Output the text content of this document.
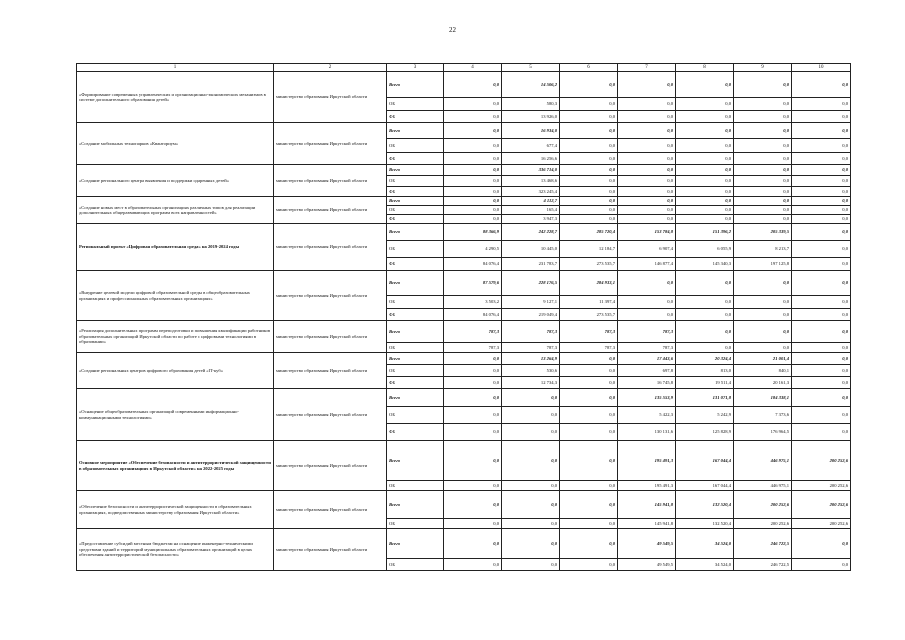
22
1	2	3	4	5	6	7	8	9	10
«Формирование современных управленческих и организационно-экономических механизмов в системе дополнительного образования детей»	министерство образования Иркутской области	Всего	0,0	14 506,2	0,0	0,0	0,0	0,0	0,0
		ОБ	0,0	580,3	0,0	0,0	0,0	0,0	0,0
		ФБ	0,0	13 926,0	0,0	0,0	0,0	0,0	0,0
«Создание мобильных технопарков «Кванториум»	министерство образования Иркутской области	Всего	0,0	16 934,0	0,0	0,0	0,0	0,0	0,0
		ОБ	0,0	677,4	0,0	0,0	0,0	0,0	0,0
		ФБ	0,0	16 256,6	0,0	0,0	0,0	0,0	0,0
«Создание регионального центра выявления и поддержки одаренных детей»	министерство образования Иркутской области	Всего	0,0	336 714,0	0,0	0,0	0,0	0,0	0,0
		ОБ	0,0	13 468,6	0,0	0,0	0,0	0,0	0,0
		ФБ	0,0	323 245,4	0,0	0,0	0,0	0,0	0,0
«Создание новых мест в образовательных организациях различных типов для реализации дополнительных общеразвивающих программ всех направленностей»	министерство образования Иркутской области	Всего	0,0	4 112,7	0,0	0,0	0,0	0,0	0,0
		ОБ	0,0	165,4	0,0	0,0	0,0	0,0	0,0
		ФБ	0,0	3 947,3	0,0	0,0	0,0	0,0	0,0
Региональный проект «Цифровая образовательная среда» на 2019-2024 годы	министерство образования Иркутской области	Всего	88 366,9	242 228,7	285 720,4	153 784,8	151 396,2	205 339,5	0,0
		ОБ	4 290,5	10 445,0	12 184,7	6 907,4	6 055,9	8 213,7	0,0
		ФБ	84 076,4	231 783,7	273 535,7	146 877,4	145 340,3	197 125,8	0,0
«Внедрение целевой модели цифровой образовательной среды в общеобразовательных организациях и профессиональных образовательных организациях»	министерство образования Иркутской области	Всего	87 579,6	228 176,5	284 933,1	0,0	0,0	0,0	0,0
		ОБ	3 503,2	9 127,1	11 397,4	0,0	0,0	0,0	0,0
		ФБ	84 076,4	219 049,4	273 535,7	0,0	0,0	0,0	0,0
«Реализация дополнительных программ переподготовки и повышения квалификации работников образовательных организаций Иркутской области по работе с цифровыми технологиями в образовании»	министерство образования Иркутской области	Всего	787,3	787,3	787,3	787,3	0,0	0,0	0,0
		ОБ	787,3	787,3	787,3	787,3	0,0	0,0	0,0
«Создание региональных центров цифрового образования детей «IT-куб»	министерство образования Иркутской области	Всего	0,0	13 264,9	0,0	17 443,6	20 324,4	21 001,4	0,0
		ОБ	0,0	530,6	0,0	697,8	813,0	840,1	0,0
		ФБ	0,0	12 734,3	0,0	16 745,8	19 511,4	20 161,3	0,0
«Оснащение общеобразовательных организаций современными информационно-коммуникационными технологиями»	министерство образования Иркутской области	Всего	0,0	0,0	0,0	135 553,9	131 071,8	184 338,1	0,0
		ОБ	0,0	0,0	0,0	5 422,3	5 242,9	7 373,6	0,0
		ФБ	0,0	0,0	0,0	130 131,6	125 828,9	176 964,5	0,0
Основное мероприятие «Обеспечение безопасности и антитеррористической защищенности в образовательных организациях в Иркутской области» на 2022-2025 годы	министерство образования Иркутской области	Всего	0,0	0,0	0,0	195 491,3	167 044,4	446 975,1	200 252,6
		ОБ	0,0	0,0	0,0	195 491,3	167 044,4	446 975,1	200 252,6
«Обеспечение безопасности и антитеррористической защищенности в образовательных организациях, подведомственных министерству образования Иркутской области»	министерство образования Иркутской области	Всего	0,0	0,0	0,0	145 941,8	132 520,4	200 252,6	200 252,6
		ОБ	0,0	0,0	0,0	145 941,8	132 520,4	200 252,6	200 252,6
«Предоставление субсидий местным бюджетам на оснащение инженерно-техническими средствами зданий и территорий муниципальных образовательных организаций в целях обеспечения антитеррористической безопасности»	министерство образования Иркутской области	Всего	0,0	0,0	0,0	49 549,5	34 524,0	246 722,5	0,0
		ОБ	0,0	0,0	0,0	49 549,5	34 524,0	246 722,5	0,0
